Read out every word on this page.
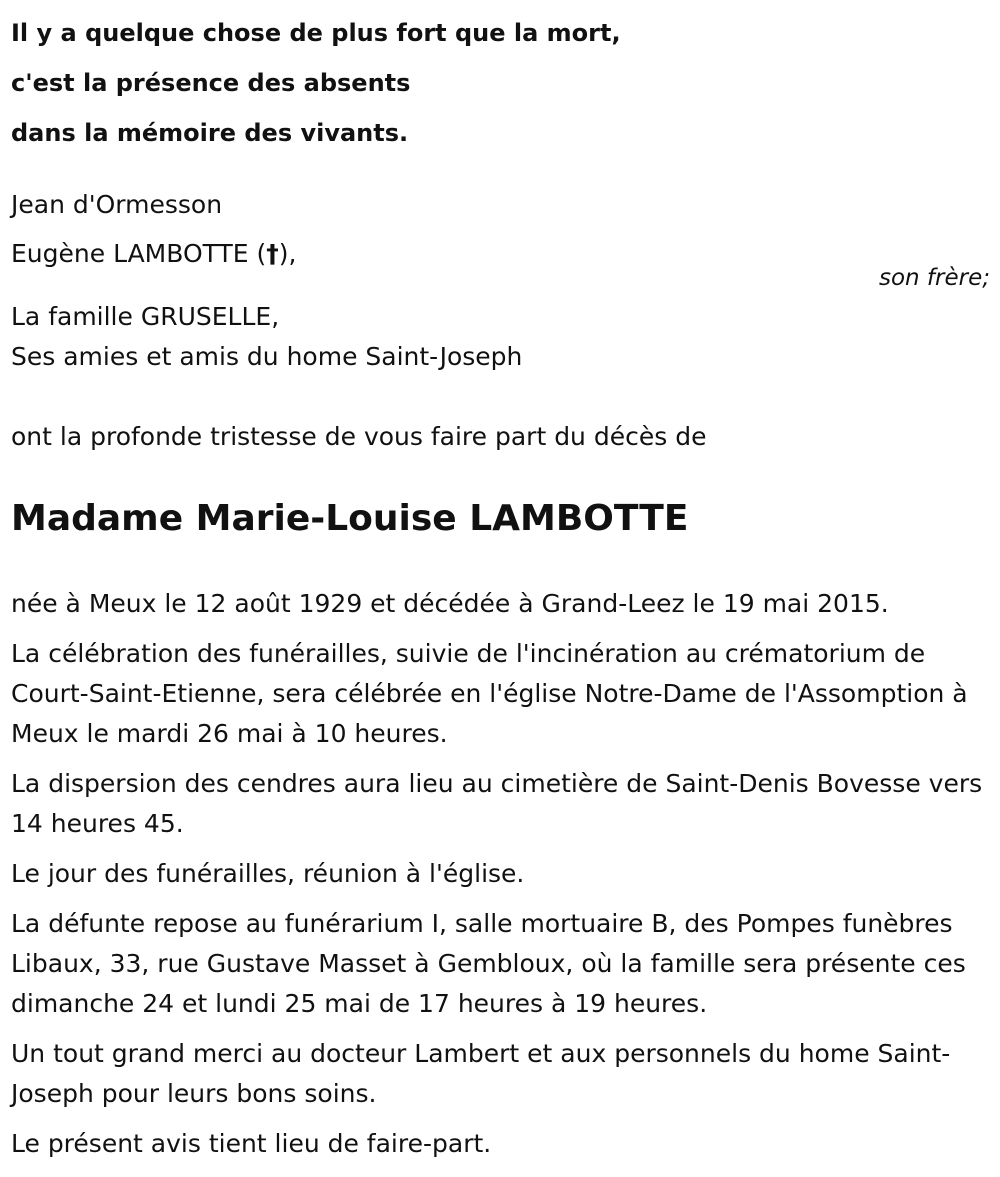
Il y a quelque chose de plus fort que la mort,
c'est la présence des absents
dans la mémoire des vivants.
Jean d'Ormesson
Eugène LAMBOTTE (†),
son frère;
La famille GRUSELLE,
Ses amies et amis du home Saint-Joseph
ont la profonde tristesse de vous faire part du décès de
Madame Marie-Louise LAMBOTTE

née à Meux le 12 août 1929 et décédée à Grand-Leez le 19 mai 2015.

La célébration des funérailles, suivie de l'incinération au crématorium de Court-Saint-Etienne, sera célébrée en l'église Notre-Dame de l'Assomption à Meux le mardi 26 mai à 10 heures.

La dispersion des cendres aura lieu au cimetière de Saint-Denis Bovesse vers 14 heures 45.

Le jour des funérailles, réunion à l'église.

La défunte repose au funérarium I, salle mortuaire B, des Pompes funèbres Libaux, 33, rue Gustave Masset à Gembloux, où la famille sera présente ces dimanche 24 et lundi 25 mai de 17 heures à 19 heures.

Un tout grand merci au docteur Lambert et aux personnels du home Saint-Joseph pour leurs bons soins.

Le présent avis tient lieu de faire-part.
